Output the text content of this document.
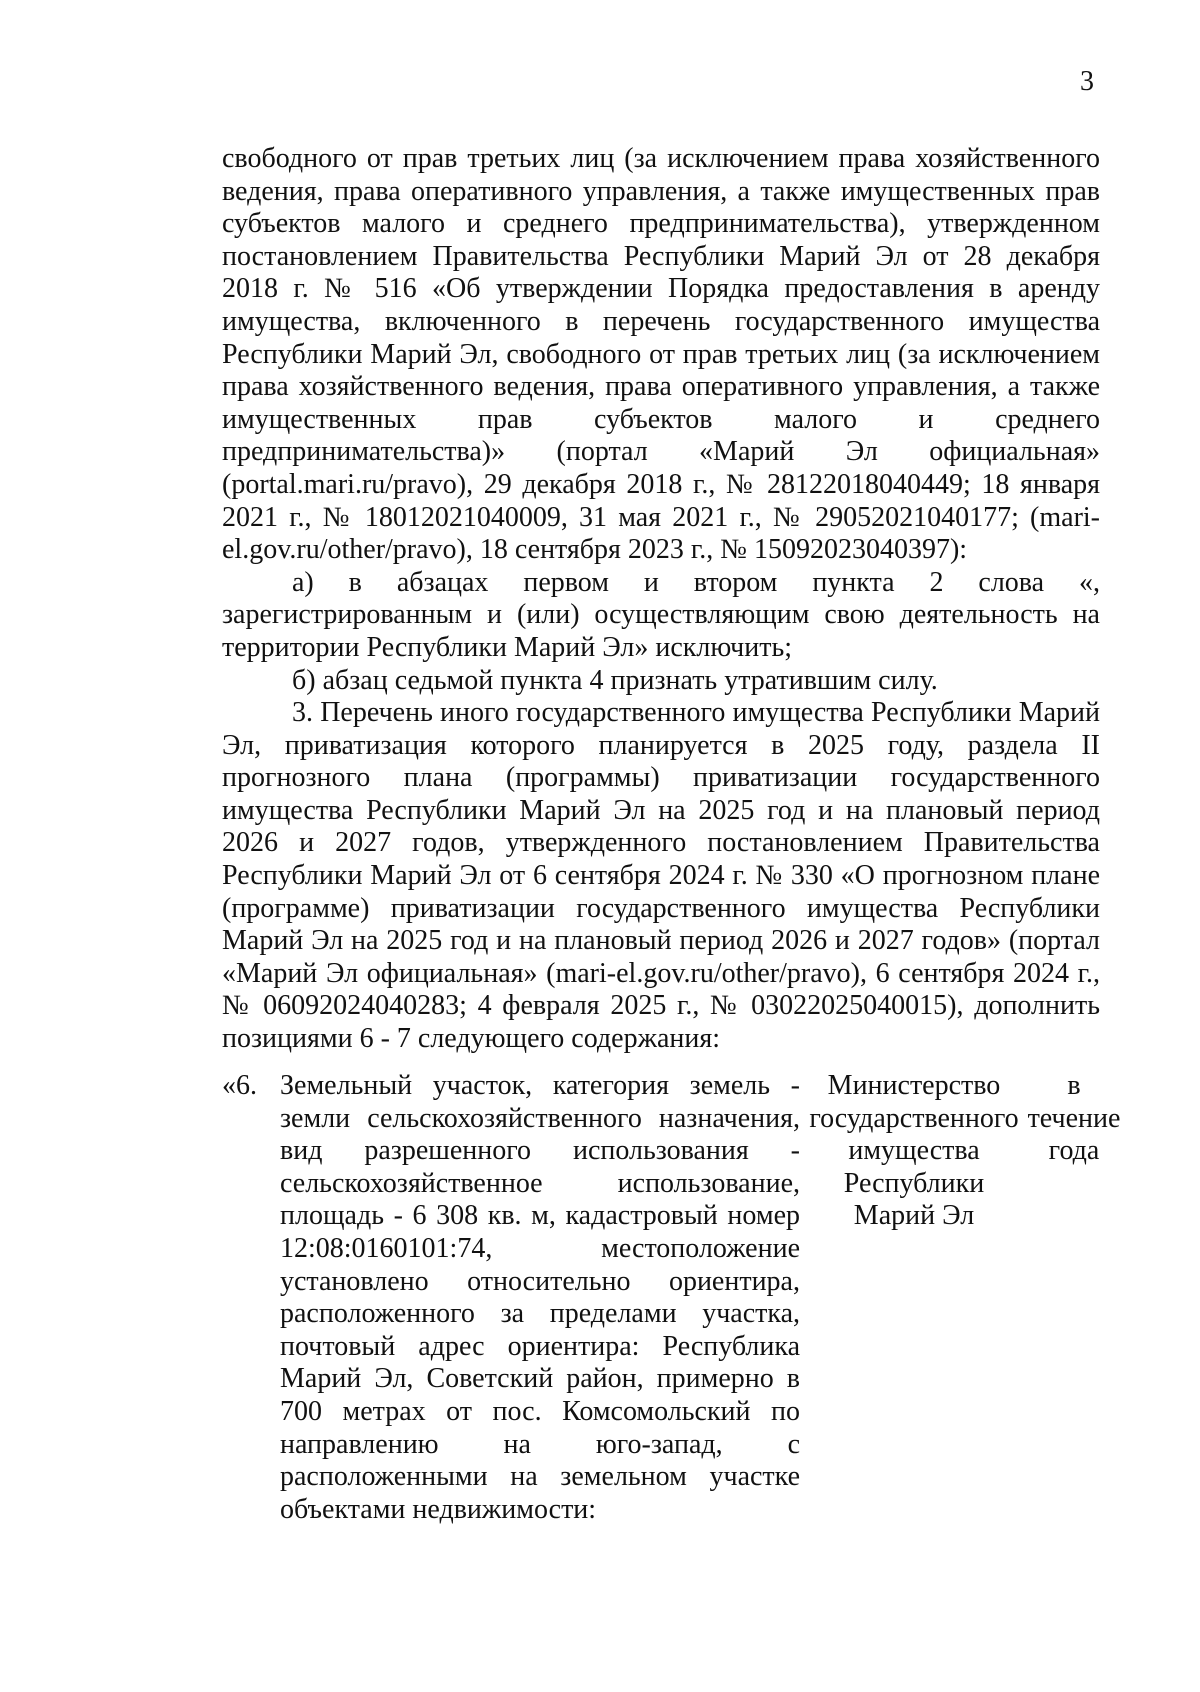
3

свободного от прав третьих лиц (за исключением права хозяйственного ведения, права оперативного управления, а также имущественных прав субъектов малого и среднего предпринимательства), утвержденном постановлением Правительства Республики Марий Эл от 28 декабря 2018 г. № 516 «Об утверждении Порядка предоставления в аренду имущества, включенного в перечень государственного имущества Республики Марий Эл, свободного от прав третьих лиц (за исключением права хозяйственного ведения, права оперативного управления, а также имущественных прав субъектов малого и среднего предпринимательства)» (портал «Марий Эл официальная» (portal.mari.ru/pravo), 29 декабря 2018 г., № 28122018040449; 18 января 2021 г., № 18012021040009, 31 мая 2021 г., № 29052021040177; (mari-el.gov.ru/other/pravo), 18 сентября 2023 г., № 15092023040397):

а) в абзацах первом и втором пункта 2 слова «, зарегистрированным и (или) осуществляющим свою деятельность на территории Республики Марий Эл» исключить;

б) абзац седьмой пункта 4 признать утратившим силу.

3. Перечень иного государственного имущества Республики Марий Эл, приватизация которого планируется в 2025 году, раздела II прогнозного плана (программы) приватизации государственного имущества Республики Марий Эл на 2025 год и на плановый период 2026 и 2027 годов, утвержденного постановлением Правительства Республики Марий Эл от 6 сентября 2024 г. № 330 «О прогнозном плане (программе) приватизации государственного имущества Республики Марий Эл на 2025 год и на плановый период 2026 и 2027 годов» (портал «Марий Эл официальная» (mari-el.gov.ru/other/pravo), 6 сентября 2024 г., № 06092024040283; 4 февраля 2025 г., № 03022025040015), дополнить позициями 6 - 7 следующего содержания:

«6. Земельный участок, категория земель - земли сельскохозяйственного назначения, вид разрешенного использования - сельскохозяйственное использование, площадь - 6 308 кв. м, кадастровый номер 12:08:0160101:74, местоположение установлено относительно ориентира, расположенного за пределами участка, почтовый адрес ориентира: Республика Марий Эл, Советский район, примерно в 700 метрах от пос. Комсомольский по направлению на юго-запад, с расположенными на земельном участке объектами недвижимости:
Министерство государственного имущества Республики Марий Эл
в течение года
